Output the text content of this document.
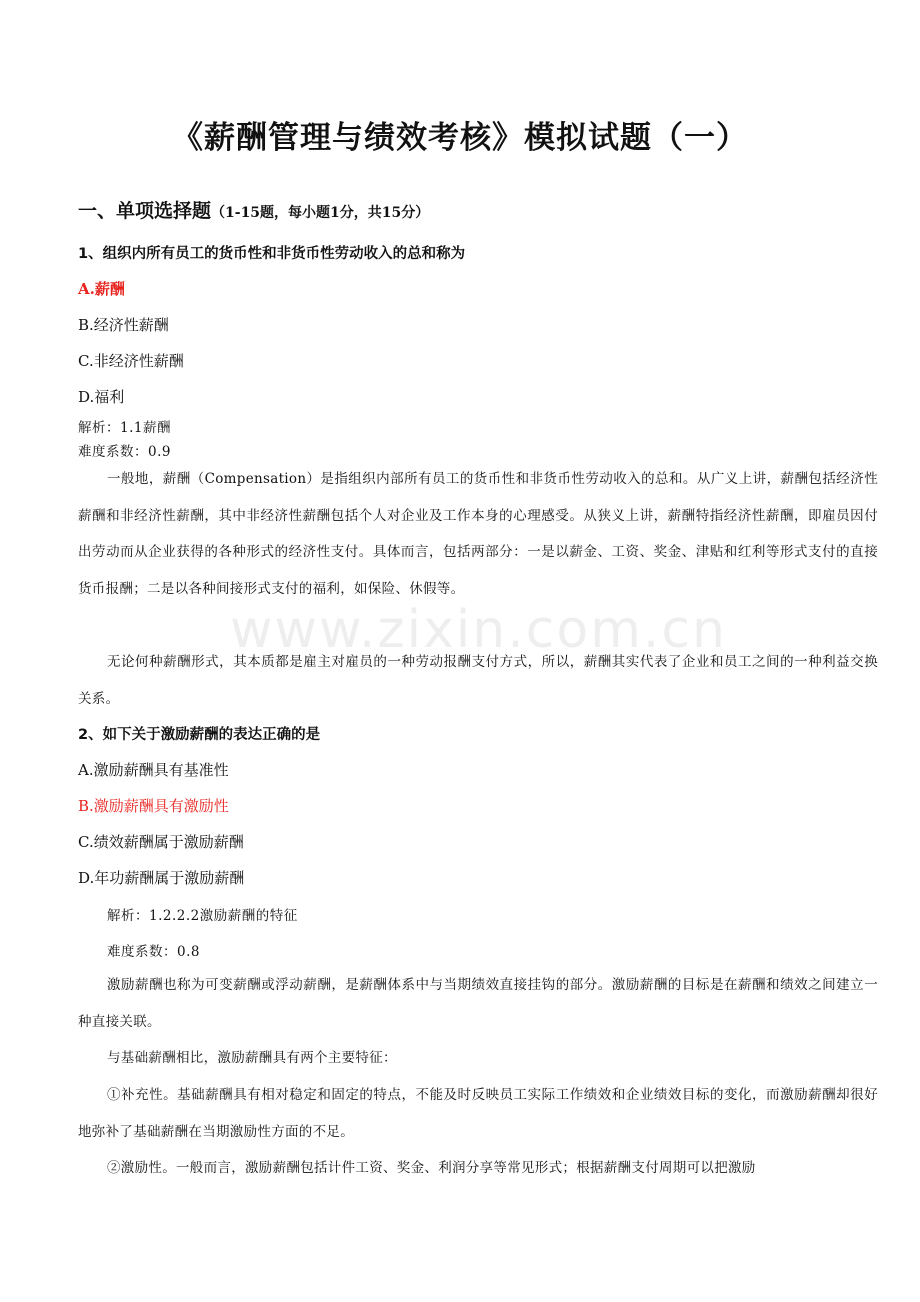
《薪酬管理与绩效考核》模拟试题（一）
一、单项选择题（1-15题，每小题1分，共15分）
1、组织内所有员工的货币性和非货币性劳动收入的总和称为
A.薪酬
B.经济性薪酬
C.非经济性薪酬
D.福利
解析：1.1薪酬
难度系数：0.9
一般地，薪酬（Compensation）是指组织内部所有员工的货币性和非货币性劳动收入的总和。从广义上讲，薪酬包括经济性薪酬和非经济性薪酬，其中非经济性薪酬包括个人对企业及工作本身的心理感受。从狭义上讲，薪酬特指经济性薪酬，即雇员因付出劳动而从企业获得的各种形式的经济性支付。具体而言，包括两部分：一是以薪金、工资、奖金、津贴和红利等形式支付的直接货币报酬；二是以各种间接形式支付的福利，如保险、休假等。
无论何种薪酬形式，其本质都是雇主对雇员的一种劳动报酬支付方式，所以，薪酬其实代表了企业和员工之间的一种利益交换关系。
2、如下关于激励薪酬的表达正确的是
A.激励薪酬具有基准性
B.激励薪酬具有激励性
C.绩效薪酬属于激励薪酬
D.年功薪酬属于激励薪酬
解析：1.2.2.2激励薪酬的特征
难度系数：0.8
激励薪酬也称为可变薪酬或浮动薪酬，是薪酬体系中与当期绩效直接挂钩的部分。激励薪酬的目标是在薪酬和绩效之间建立一种直接关联。
与基础薪酬相比，激励薪酬具有两个主要特征：
①补充性。基础薪酬具有相对稳定和固定的特点，不能及时反映员工实际工作绩效和企业绩效目标的变化，而激励薪酬却很好地弥补了基础薪酬在当期激励性方面的不足。
②激励性。一般而言，激励薪酬包括计件工资、奖金、利润分享等常见形式；根据薪酬支付周期可以把激励
www.zixin.com.cn
